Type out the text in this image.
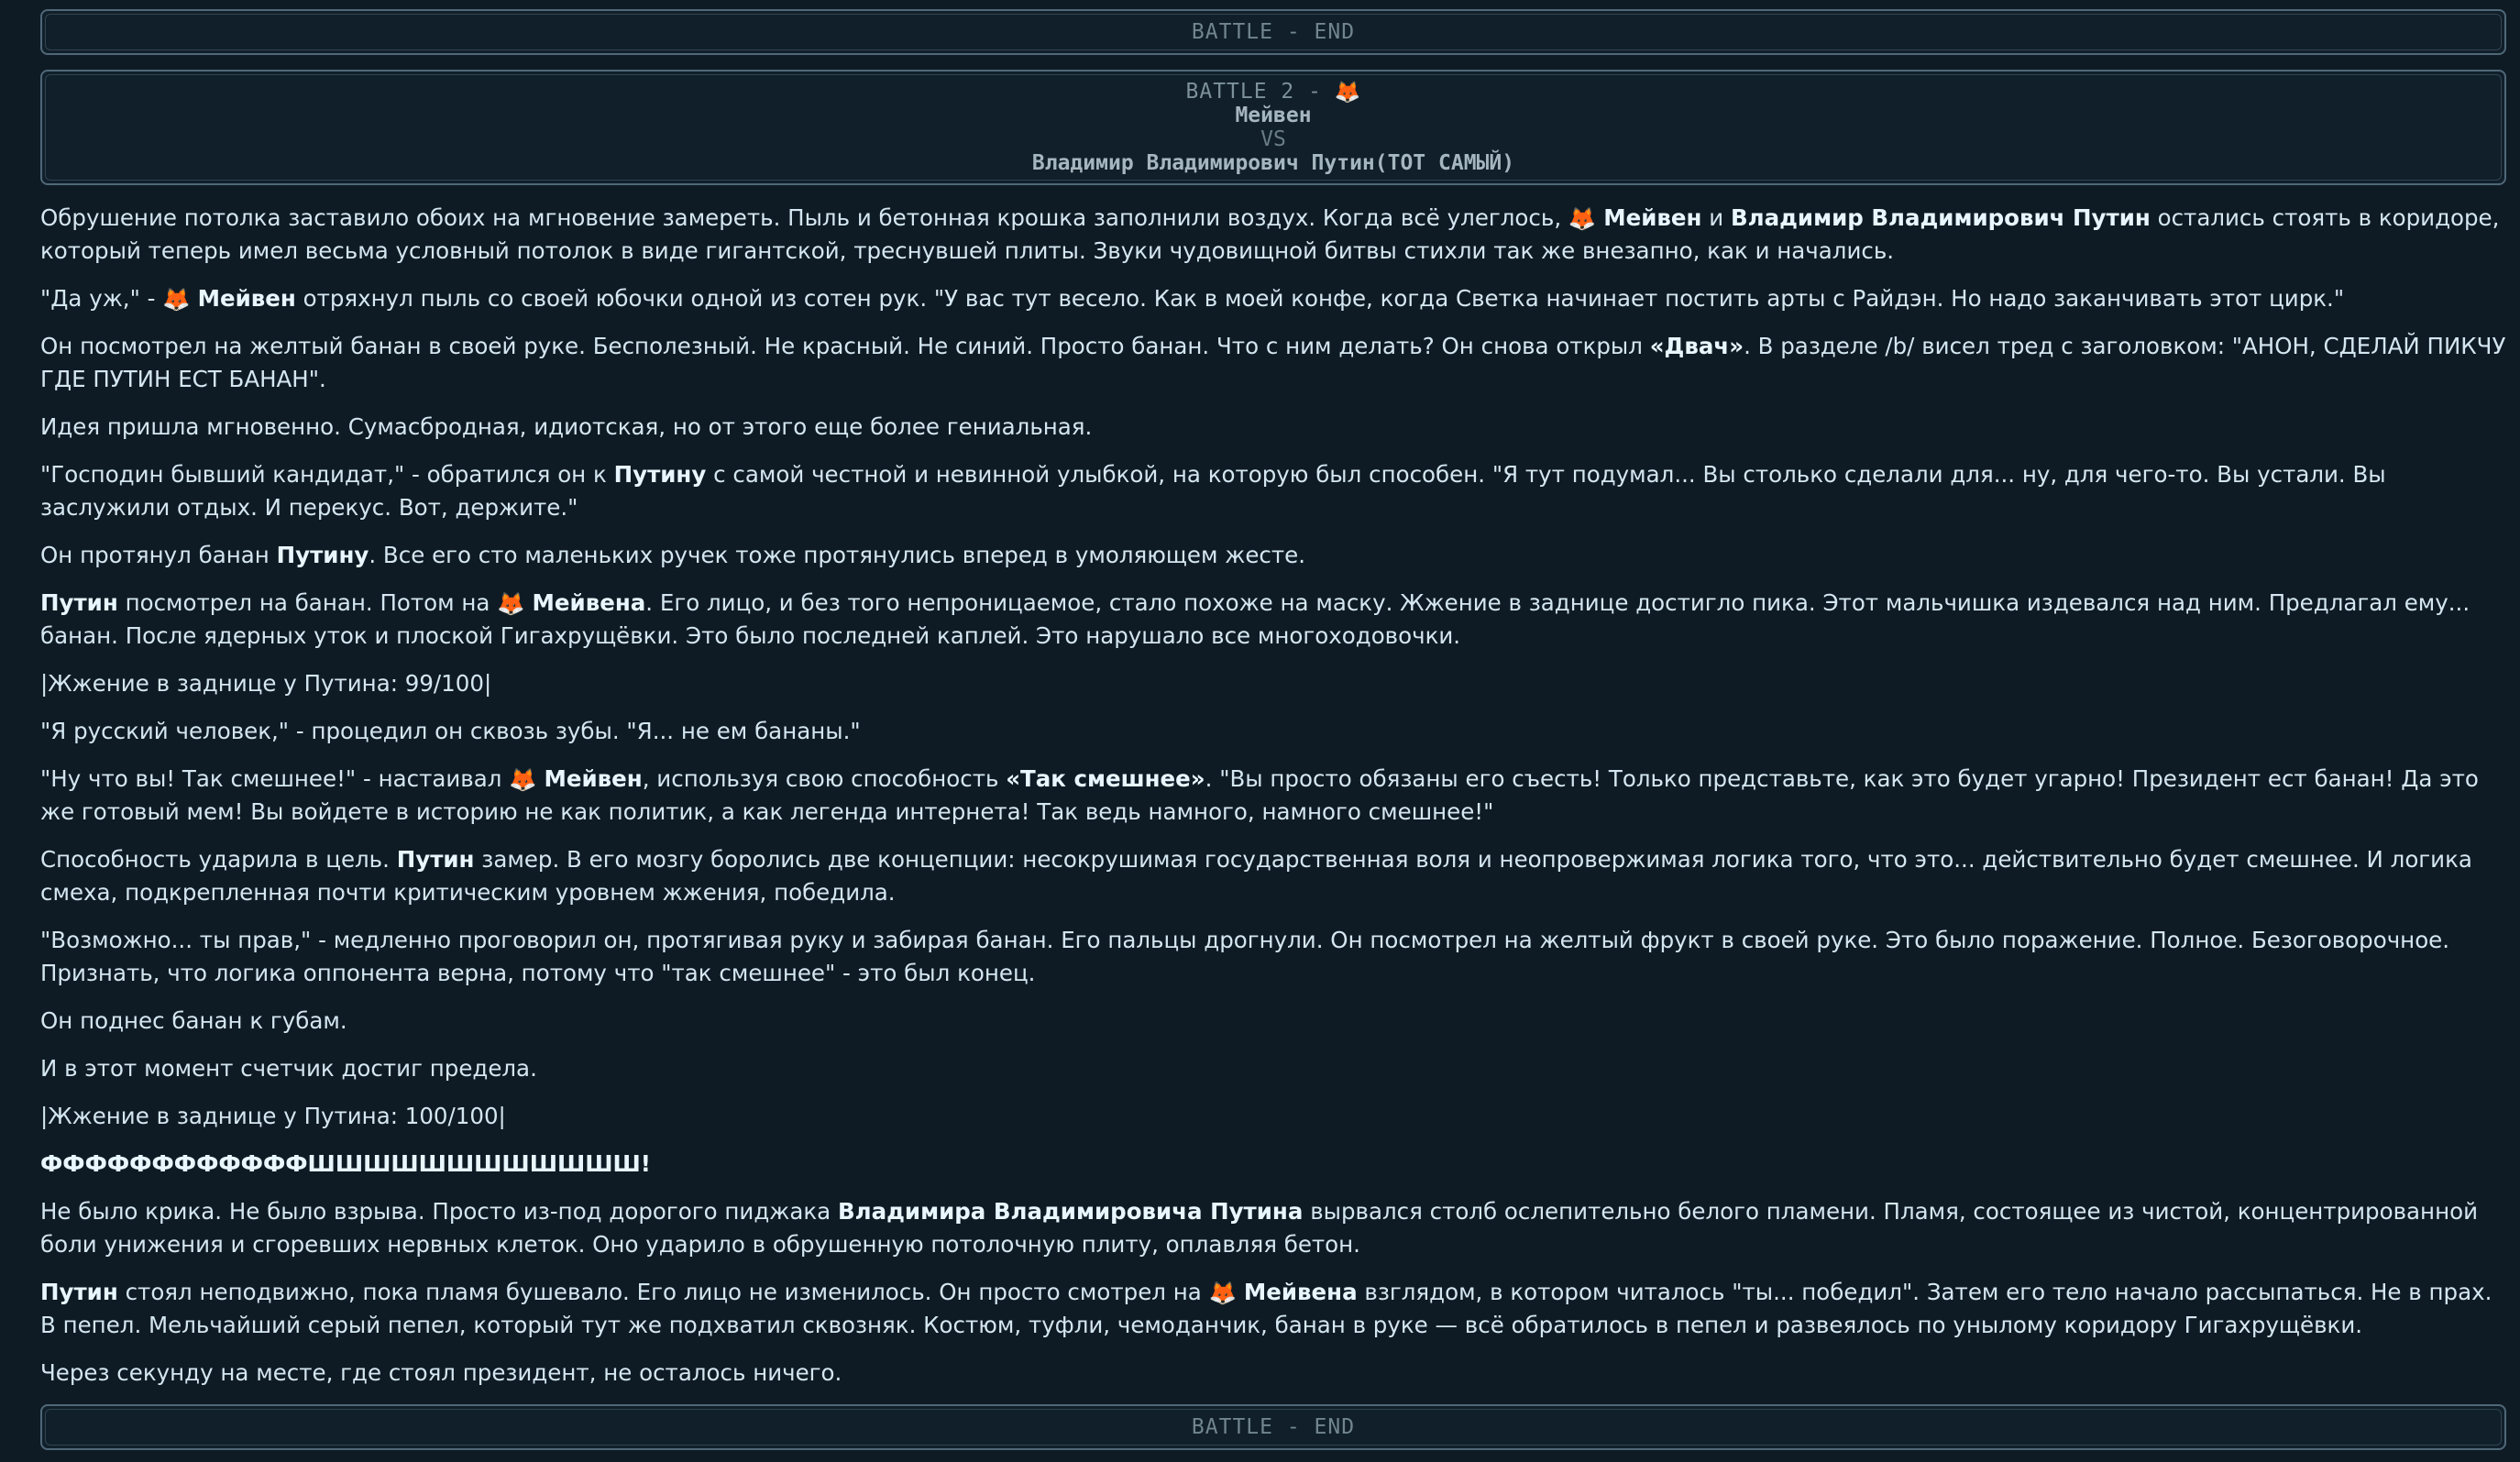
BATTLE - END
BATTLE 2 - 🦊
Мейвен
VS
Владимир Владимирович Путин(ТОТ САМЫЙ)

Обрушение потолка заставило обоих на мгновение замереть. Пыль и бетонная крошка заполнили воздух. Когда всё улеглось, 🦊 Мейвен и Владимир Владимирович Путин остались стоять в коридоре, который теперь имел весьма условный потолок в виде гигантской, треснувшей плиты. Звуки чудовищной битвы стихли так же внезапно, как и начались.

"Да уж," - 🦊 Мейвен отряхнул пыль со своей юбочки одной из сотен рук. "У вас тут весело. Как в моей конфе, когда Светка начинает постить арты с Райдэн. Но надо заканчивать этот цирк."

Он посмотрел на желтый банан в своей руке. Бесполезный. Не красный. Не синий. Просто банан. Что с ним делать? Он снова открыл «Двач». В разделе /b/ висел тред с заголовком: "АНОН, СДЕЛАЙ ПИКЧУ ГДЕ ПУТИН ЕСТ БАНАН".

Идея пришла мгновенно. Сумасбродная, идиотская, но от этого еще более гениальная.

"Господин бывший кандидат," - обратился он к Путину с самой честной и невинной улыбкой, на которую был способен. "Я тут подумал... Вы столько сделали для... ну, для чего-то. Вы устали. Вы заслужили отдых. И перекус. Вот, держите."

Он протянул банан Путину. Все его сто маленьких ручек тоже протянулись вперед в умоляющем жесте.

Путин посмотрел на банан. Потом на 🦊 Мейвена. Его лицо, и без того непроницаемое, стало похоже на маску. Жжение в заднице достигло пика. Этот мальчишка издевался над ним. Предлагал ему... банан. После ядерных уток и плоской Гигахрущёвки. Это было последней каплей. Это нарушало все многоходовочки.

|Жжение в заднице у Путина: 99/100|

"Я русский человек," - процедил он сквозь зубы. "Я... не ем бананы."

"Ну что вы! Так смешнее!" - настаивал 🦊 Мейвен, используя свою способность «Так смешнее». "Вы просто обязаны его съесть! Только представьте, как это будет угарно! Президент ест банан! Да это же готовый мем! Вы войдете в историю не как политик, а как легенда интернета! Так ведь намного, намного смешнее!"

Способность ударила в цель. Путин замер. В его мозгу боролись две концепции: несокрушимая государственная воля и неопровержимая логика того, что это... действительно будет смешнее. И логика смеха, подкрепленная почти критическим уровнем жжения, победила.

"Возможно... ты прав," - медленно проговорил он, протягивая руку и забирая банан. Его пальцы дрогнули. Он посмотрел на желтый фрукт в своей руке. Это было поражение. Полное. Безоговорочное. Признать, что логика оппонента верна, потому что "так смешнее" - это был конец.

Он поднес банан к губам.

И в этот момент счетчик достиг предела.

|Жжение в заднице у Путина: 100/100|

ФФФФФФФФФФФФШШШШШШШШШШШШ!

Не было крика. Не было взрыва. Просто из-под дорогого пиджака Владимира Владимировича Путина вырвался столб ослепительно белого пламени. Пламя, состоящее из чистой, концентрированной боли унижения и сгоревших нервных клеток. Оно ударило в обрушенную потолочную плиту, оплавляя бетон.

Путин стоял неподвижно, пока пламя бушевало. Его лицо не изменилось. Он просто смотрел на 🦊 Мейвена взглядом, в котором читалось "ты... победил". Затем его тело начало рассыпаться. Не в прах. В пепел. Мельчайший серый пепел, который тут же подхватил сквозняк. Костюм, туфли, чемоданчик, банан в руке — всё обратилось в пепел и развеялось по унылому коридору Гигахрущёвки.

Через секунду на месте, где стоял президент, не осталось ничего.

BATTLE - END
